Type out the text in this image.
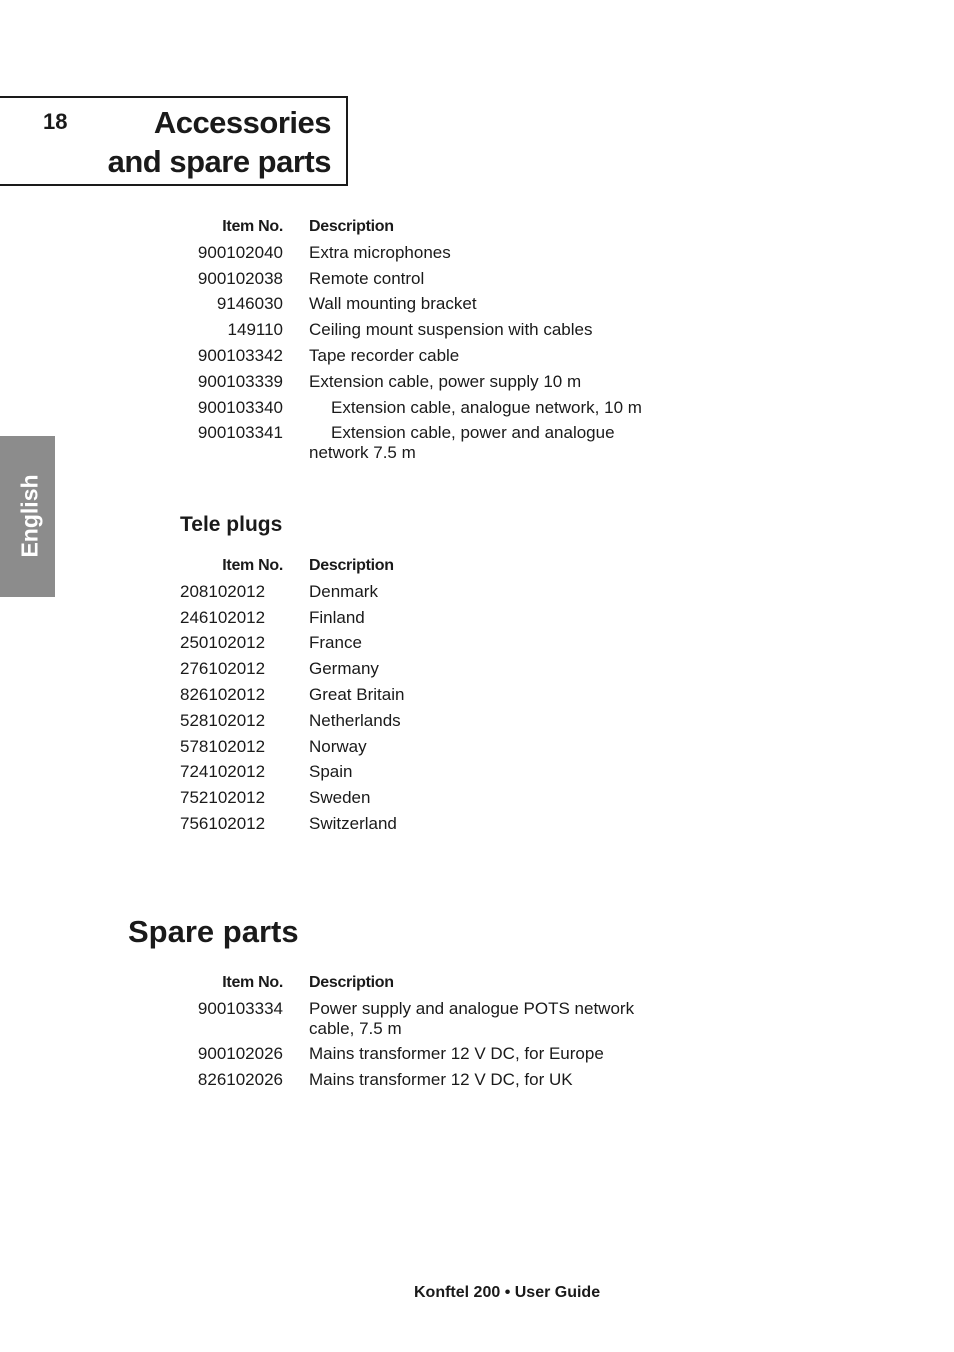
18	Accessories
and spare parts
English
Item No. Description
900102040 Extra microphones
900102038 Remote control
9146030 Wall mounting bracket
149110 Ceiling mount suspension with cables
900103342 Tape recorder cable
900103339 Extension cable, power supply 10 m
900103340	Extension cable, analogue network, 10 m
900103341	Extension cable, power and analogue network 7.5 m
Tele plugs
Item No. Description
208102012	Denmark
246102012	Finland
250102012	France
276102012	Germany
826102012	Great Britain
528102012	Netherlands
578102012	Norway
724102012	Spain
752102012	Sweden
756102012	Switzerland
Spare parts
Item No. Description
900103334 Power supply and analogue POTS network cable, 7.5 m
900102026 Mains transformer 12 V DC, for Europe
826102026 Mains transformer 12 V DC, for UK
Konftel 200 • User Guide
